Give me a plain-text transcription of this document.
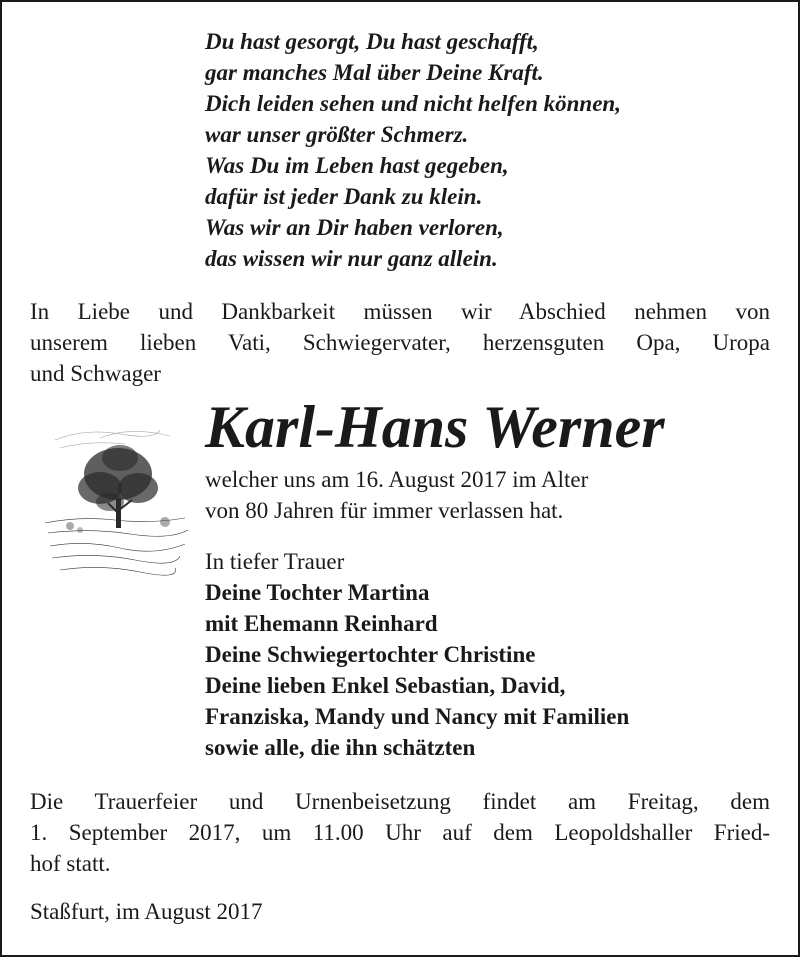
Du hast gesorgt, Du hast geschafft,
gar manches Mal über Deine Kraft.
Dich leiden sehen und nicht helfen können,
war unser größter Schmerz.
Was Du im Leben hast gegeben,
dafür ist jeder Dank zu klein.
Was wir an Dir haben verloren,
das wissen wir nur ganz allein.
In Liebe und Dankbarkeit müssen wir Abschied nehmen von
unserem lieben Vati, Schwiegervater, herzensguten Opa, Uropa
und Schwager
Karl-Hans Werner
welcher uns am 16. August 2017 im Alter
von 80 Jahren für immer verlassen hat.
In tiefer Trauer
Deine Tochter Martina
mit Ehemann Reinhard
Deine Schwiegertochter Christine
Deine lieben Enkel Sebastian, David,
Franziska, Mandy und Nancy mit Familien
sowie alle, die ihn schätzten
Die Trauerfeier und Urnenbeisetzung findet am Freitag, dem
1. September 2017, um 11.00 Uhr auf dem Leopoldshaller Fried-
hof statt.
Staßfurt, im August 2017
